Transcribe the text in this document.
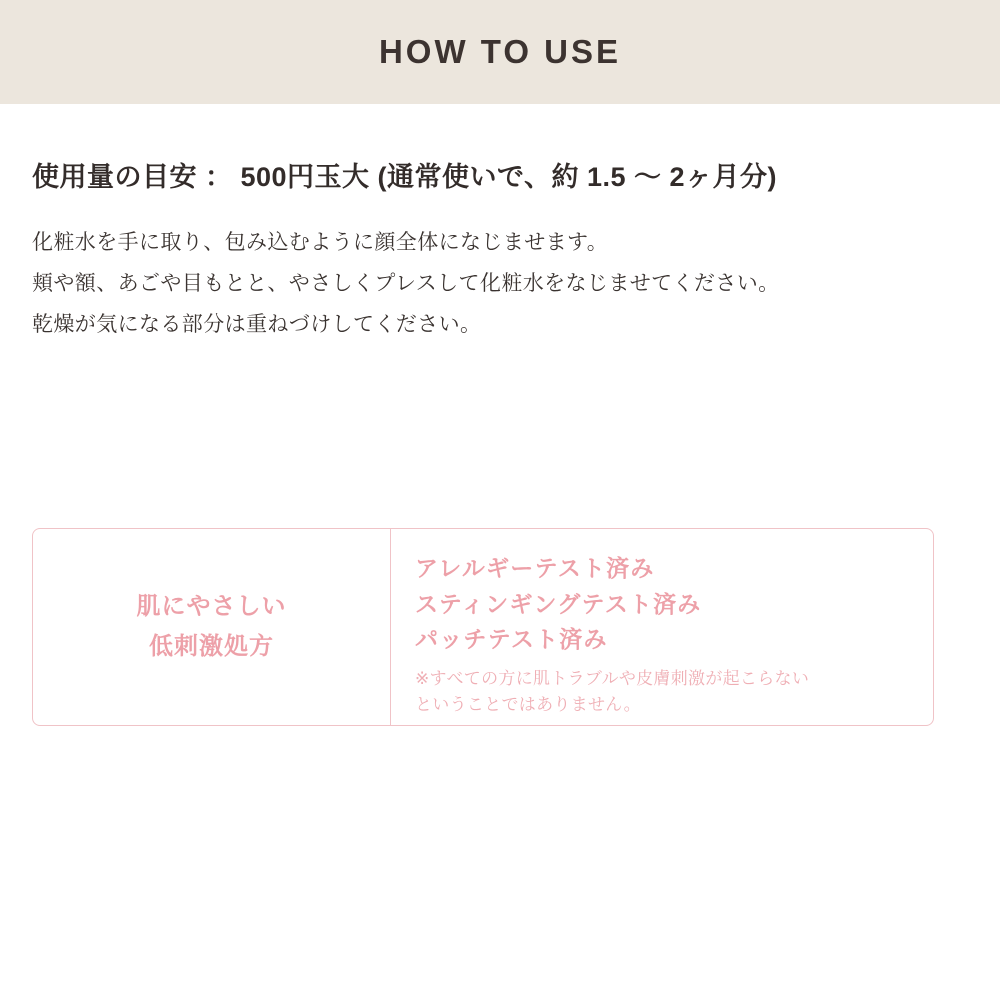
HOW TO USE
使用量の目安 ： 500円玉大 (通常使いで、約 1.5 〜 2ヶ月分)

化粧水を手に取り、包み込むように顔全体になじませます。

頬や額、あごや目もとと、やさしくプレスして化粧水をなじませてください。

乾燥が気になる部分は重ねづけしてください。

肌にやさしい
低刺激処方
アレルギーテスト済み
スティンギングテスト済み
パッチテスト済み

※すべての方に肌トラブルや皮膚刺激が起こらない

ということではありません。
